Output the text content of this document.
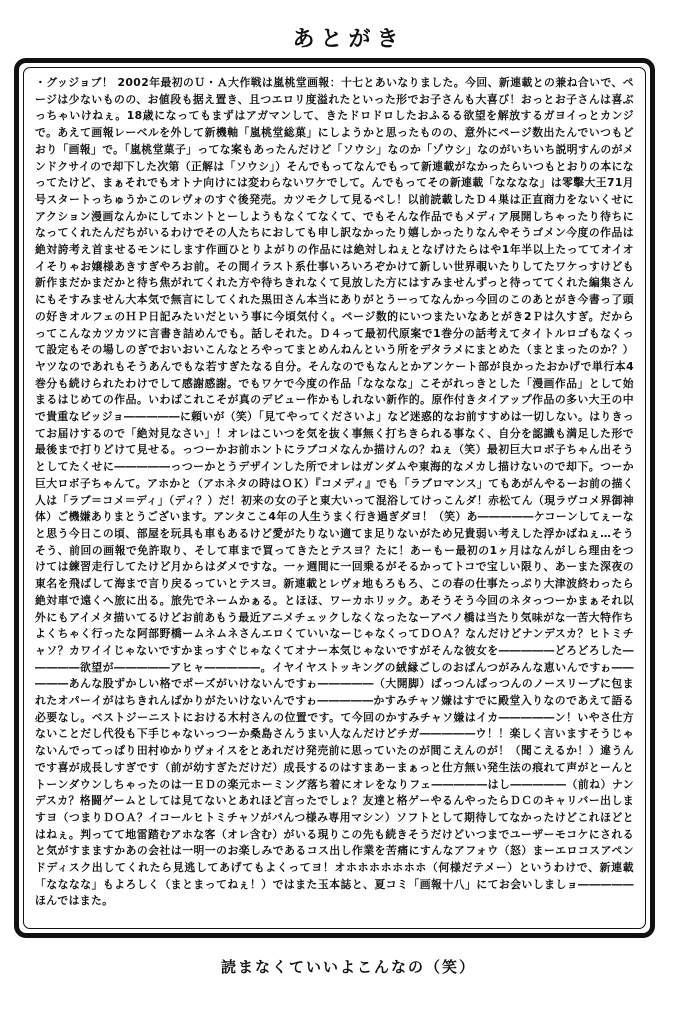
あとがき

・グッジョブ！ 2002年最初のＵ・Ａ大作戦は嵐桃堂画報：十七とあいなりました。今回、新連載との兼ね合いで、ページは少ないものの、お値段も据え置き、且つエロリ度溢れたといった形でお子さんも大喜び！おっとお子さんは喜ぶっちゃいけねぇ。18歳になってもまずはアガマンして、きたドロドロしたおふるる欲望を解放するガヨイっとカンジで。あえて画報レーベルを外して新機軸「嵐桃堂総菓」にしようかと思ったものの、意外にページ数出たんでいつもどおり「画報」で。「嵐桃堂菓子」ってな案もあったんだけど「ソウシ」なのか「ゾウシ」なのがいちいち説明すんのがメンドクサイので却下した次第（正解は「ソウシ」）そんでもってなんでもって新連載がなかったらいつもとおりの本になってたけど、まぁそれでもオトナ向けには変わらないワケでして。んでもってその新連載「なななな」は零擊大王71月号スタートっちゅうかこのレヴォのすぐ後発売。カツモクして見るべし！以前読載したＤ４巣は正直商力をないくせにアクション漫画なんかにしてホントとーしようもなくてなくて、でもそんな作品でもメディア展開しちゃったり待ちになってくれたんだちがいるわけでその人たちにおしても申し訳なかったり嬉しかったりなんやそうゴメン今度の作品は絶対誇考え首ませるモンにします作画ひとりよがりの作品には絶対しねぇとなげけたらはや1年半以上たっててオイオイそりゃお嬢様あきすぎやろお前。その間イラスト系仕事いろいろぞかけて新しい世界覗いたりしてたワケっすけども新作まだかまだかと待ち焦がれてくれた方や待ちきれなくて見放した方にはすみませんずっと待っててくれた編集さんにもそすみません大本気で無言にしてくれた黒田さん本当にありがとうーってなんかっ今回のこのあとがき今書っ了頭の好きオルフェのＨＰ日記みたいだという事に今頃気付く。ページ数的にいつまたいなあとがき2Ｐは久すぎ。だからってこんなカツカツに言書き詰めんでも。話しそれた。Ｄ４って最初代原案で1巻分の話考えてタイトルロゴもなくって設定もその場しのぎでおいおいこんなとろやってまとめんねんという所をデタラメにまとめた（まとまったのか？）ヤツなのであれもそうあんでもな若すぎたなる自分。そんなのでもなんとかアンケート部が良かったおかげで単行本4巻分も続けられたわけでして感謝感謝。でもワケで今度の作品「なななな」こそがれっきとした「漫画作品」として始まるはじめての作品。いわばこれこそが真のデビュー作かもしれない新作的。原作付きタイアップ作品の多い大王の中で貴重なビッジョ―――――に頼いが（笑）「見てやってくださいよ」など迷惑的なお前すすめは一切しない。はりきってお届けするので「絶対見なさい」！オレはこいつを気を抜く事無く打ちきられる事なく、自分を認識も満足した形で最後まで打りどけて見せる。っつーかお前ホントにラブコメなんか描けんの？ねぇ（笑）最初巨大ロボ子ちゃん出そうとしてたくせに―――――っつーかとうデザインした所でオレはガンダムや東海的なメカし描けないので却下。つーか巨大ロボ子ちゃんて。アホかと（アホネタの時はＯＫ）『コメディ』でも「ラブロマンス」てもあがんやるーお前の描く人は「ラブ＝コメ＝ディ」（ディ？）だ！初来の女の子と東大いって混浴してけっこんダ！赤松てん（現ラヴコメ界御神体）ご機嫌ありまとうございます。アンタここ4年の人生うまく行き過ぎダヨ！（笑）あ―――――ケコーンしてぇーなと思う今日この頃、部屋を玩具も車もあるけど愛がたりない適てま足りないがため兄貴弱い考えした浮かばねぇ…そうそう、前回の画報で免許取り、そして車まで買ってきたとテスヨ？たに！あーもー最初の1ヶ月はなんがしら理由をつけては練習走行してたけど月からはダメですな。一ヶ週間に一回乗るがそるかってトコで宝しい限り、あーまた深夜の東名を飛ばして海まで言り戻るっていとテスヨ。新連載とレヴォ地もろもろ、この春の仕事たっぷり大津波終わったら絶対車で遠くへ旅に出る。旅先でネームかぁる。とほほ、ワーカホリック。あそうそう今回のネタっつーかまぁそれ以外にもアイメタ描いてるけどお前あもう最近アニメチェックしなくなったなーアベノ橋は当たり気味がな一苦大特作ちよくちゃく行ったな阿部野橋ームネムネさんエロくていいなーじゃなくってＤＯＡ？なんだけどナンデスカ？ヒトミチャソ？カワイイじゃないですかまっすぐじゃなくてオナー本気じゃないですがそんな彼女を―――――どろどろした―――――欲望が―――――アヒャ―――――。イヤイヤストッキングの絨縁ごしのおぱんつがみんな恵いんですゎ―――――あんな股ずかしい格でポーズがいけないんですゎ―――――（大開脚）ぱっつんぱっつんのノースリーブに包まれたオパーイがはちきれんばかりがたいけないんですゎ―――――かすみチャソ嫌はすでに殿堂入りなのであえて語る必要なし。ベストジーニストにおける木村さんの位置です。て今回のかすみチャソ嫌はイカ―――――ン！いやさ仕方ないことだし代役も下手じゃないっつーか桑島さんうまい人なんだけどチガ―――――ウ！！楽しく言いますそうじゃないんでってっぱり田村ゆかりヴォイスをとあれだけ発売前に思っていたのが間こえんのが！（聞こえるか！）違うんです喜が成長しすぎです（前が幼すぎただけだ）成長するのはすまあーまぁっと仕方無い発生法の痕れて声がとーんとトーンダウンしちゃったのは一ＥＤの楽元ホーミング落ち着にオレをなりフェ―――――はし―――――（前ね）ナンデスカ？格闘ゲームとしては見てないとあれほど言ったでしょ？友達と格ゲーやるんやったらＤＣのキャリバー出しますヨ（つまりＤＯＡ？イコールヒトミチャソがバんつ様み専用マシン）ソフトとして期待してなかったけどこれほどとはねぇ。判ってて地雷踏むアホな客（オレ含む）がいる現りこの先も続きそうだけどいつまでユーザーモコケにされると気がすまますかあの会社は一明一のお楽しみであるコス出し作業を苦痛にすんなアフォウ（怒）まーエロコスアペンドディスク出してくれたら見逃してあげてもよくってヨ！オホホホホホホホ（何様だテメー）というわけで、新連載「なななな」もよろしく（まとまってねぇ！）ではまた玉本誌と、夏コミ「画報十八」にてお会いしましョ―――――ほんではまた。

読まなくていいよこんなの（笑）
